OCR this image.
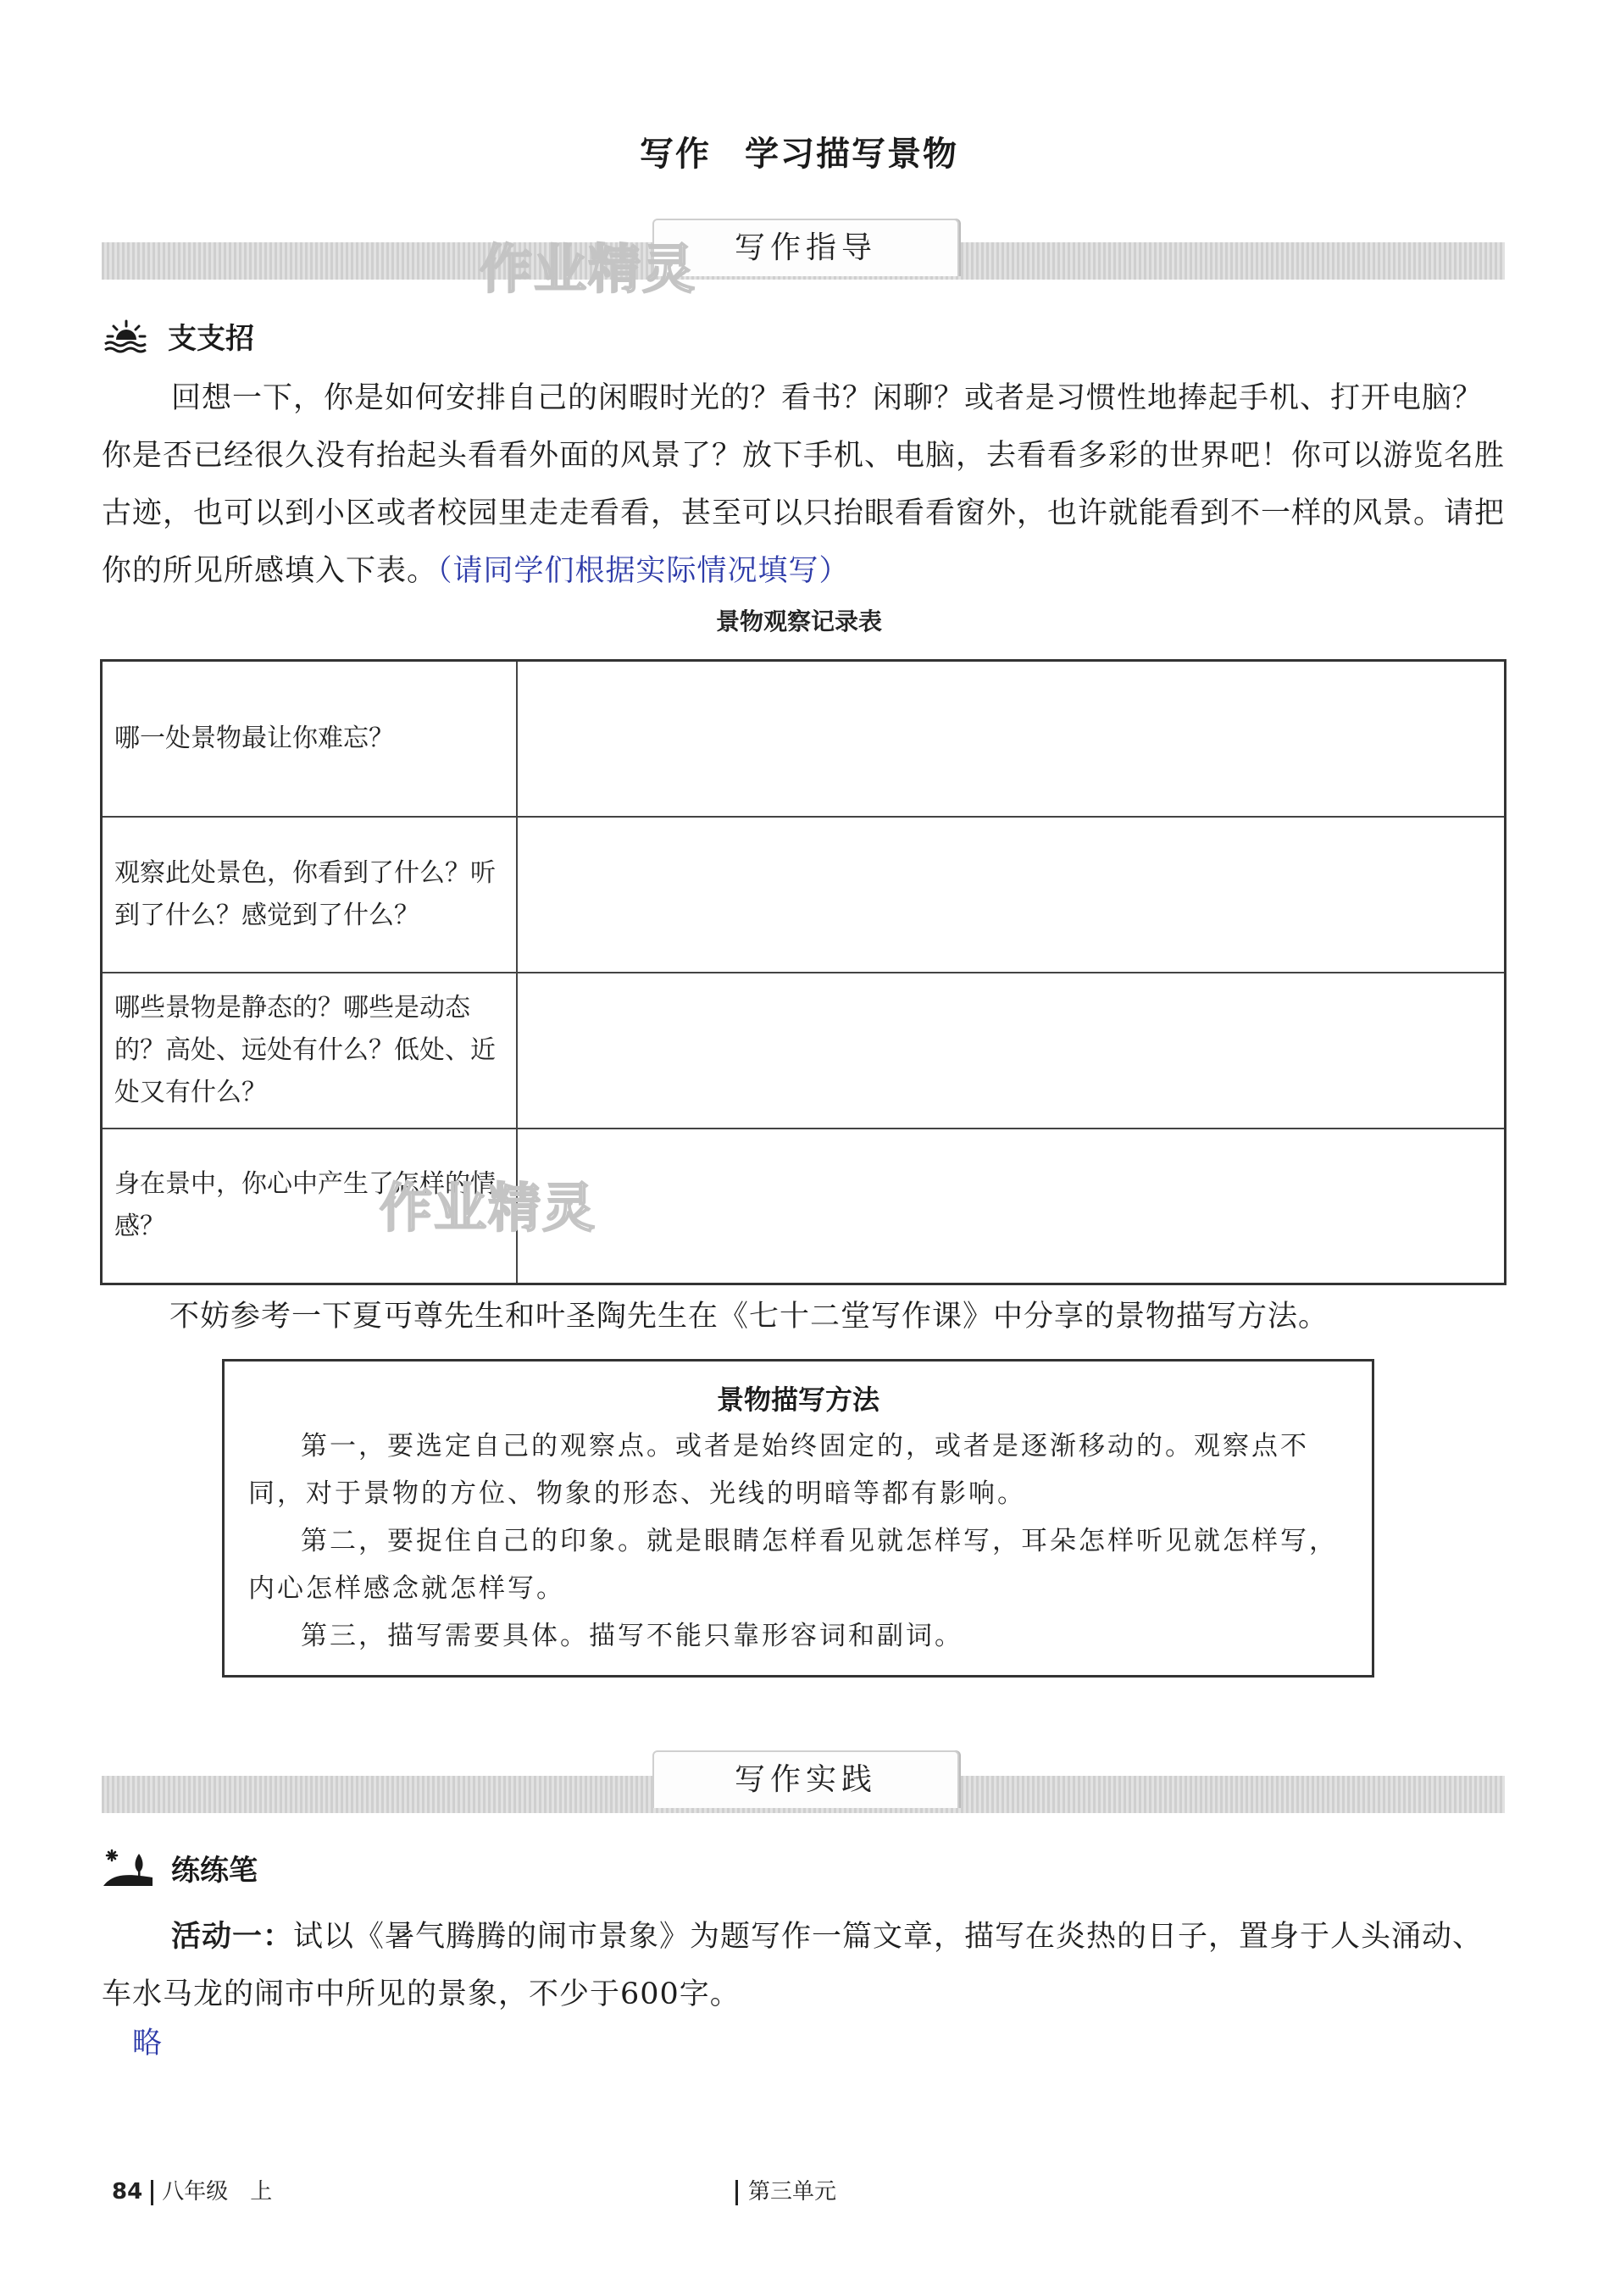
写作 学习描写景物
写作指导
支支招
回想一下，你是如何安排自己的闲暇时光的？看书？闲聊？或者是习惯性地捧起手机、打开电脑？你是否已经很久没有抬起头看看外面的风景了？放下手机、电脑，去看看多彩的世界吧！你可以游览名胜古迹，也可以到小区或者校园里走走看看，甚至可以只抬眼看看窗外，也许就能看到不一样的风景。请把你的所见所感填入下表。（请同学们根据实际情况填写）
景物观察记录表
哪一处景物最让你难忘？	
观察此处景色，你看到了什么？听到了什么？感觉到了什么？	
哪些景物是静态的？哪些是动态的？高处、远处有什么？低处、近处又有什么？	
身在景中，你心中产生了怎样的情感？		作业精灵
不妨参考一下夏丏尊先生和叶圣陶先生在《七十二堂写作课》中分享的景物描写方法。
景物描写方法
第一，要选定自己的观察点。或者是始终固定的，或者是逐渐移动的。观察点不同，对于景物的方位、物象的形态、光线的明暗等都有影响。
第二，要捉住自己的印象。就是眼睛怎样看见就怎样写，耳朵怎样听见就怎样写，内心怎样感念就怎样写。
第三，描写需要具体。描写不能只靠形容词和副词。
写作实践
练练笔
活动一：试以《暑气腾腾的闹市景象》为题写作一篇文章，描写在炎热的日子，置身于人头涌动、车水马龙的闹市中所见的景象，不少于600字。
略
84 八年级　上	第三单元
